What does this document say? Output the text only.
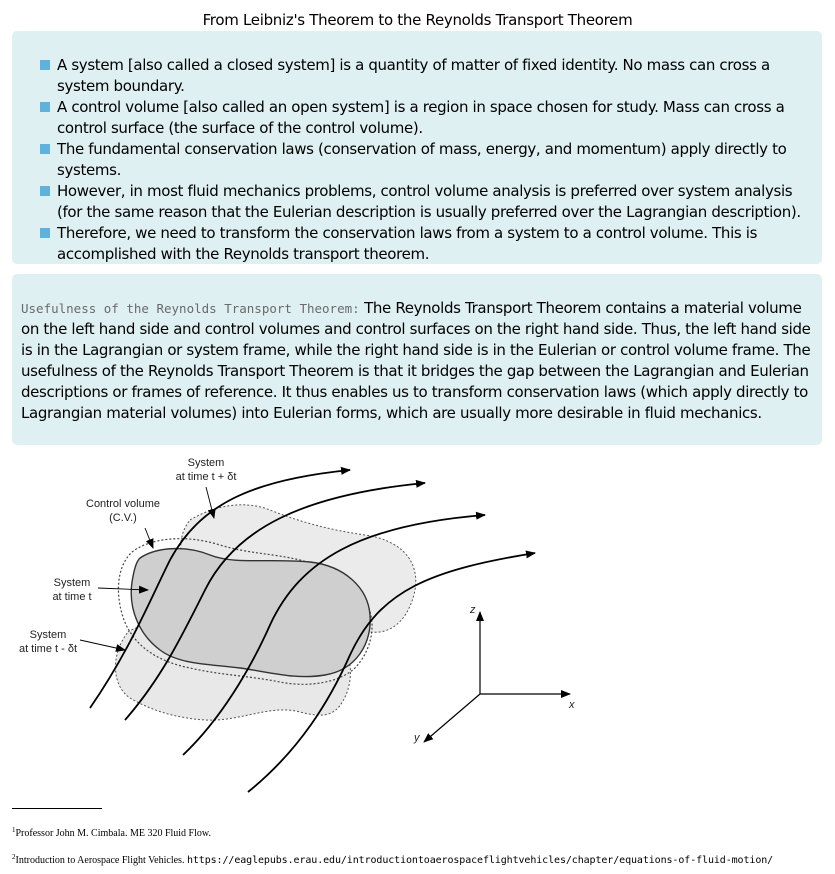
From Leibniz's Theorem to the Reynolds Transport Theorem
A system [also called a closed system] is a quantity of matter of fixed identity. No mass can cross a system boundary.
A control volume [also called an open system] is a region in space chosen for study. Mass can cross a control surface (the surface of the control volume).
The fundamental conservation laws (conservation of mass, energy, and momentum) apply directly to systems.
However, in most fluid mechanics problems, control volume analysis is preferred over system analysis (for the same reason that the Eulerian description is usually preferred over the Lagrangian description).
Therefore, we need to transform the conservation laws from a system to a control volume. This is accomplished with the Reynolds transport theorem.

Usefulness of the Reynolds Transport Theorem: The Reynolds Transport Theorem contains a material volume on the left hand side and control volumes and control surfaces on the right hand side. Thus, the left hand side is in the Lagrangian or system frame, while the right hand side is in the Eulerian or control volume frame. The usefulness of the Reynolds Transport Theorem is that it bridges the gap between the Lagrangian and Eulerian descriptions or frames of reference. It thus enables us to transform conservation laws (which apply directly to Lagrangian material volumes) into Eulerian forms, which are usually more desirable in fluid mechanics.

System
at time t + δt
Control volume
(C.V.)
System
at time t
System
at time t - δt
z
x
y
$^1$Professor John M. Cimbala. ME 320 Fluid Flow.
$^2$Introduction to Aerospace Flight Vehicles. https://eaglepubs.erau.edu/introductiontoaerospaceflightvehicles/chapter/equations-of-fluid-motion/
